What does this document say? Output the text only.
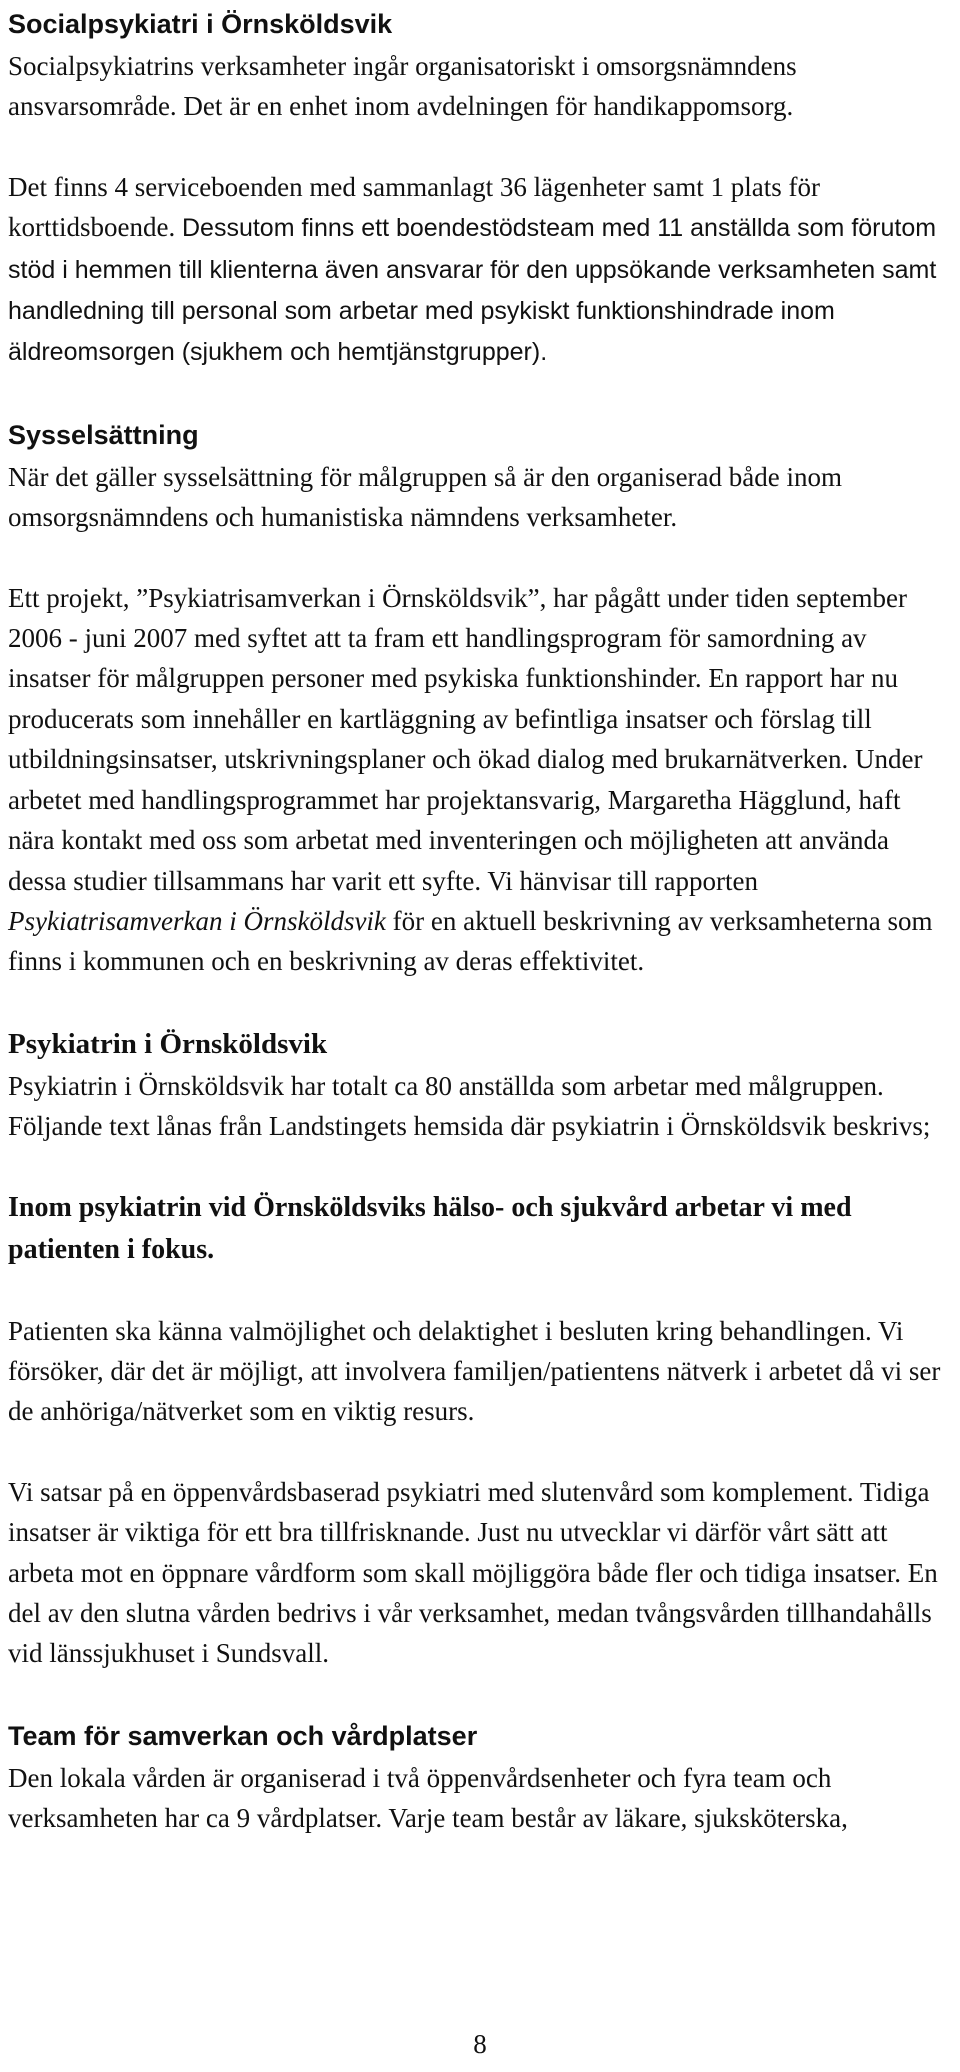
Socialpsykiatri i Örnsköldsvik

Socialpsykiatrins verksamheter ingår organisatoriskt i omsorgsnämndens ansvarsområde. Det är en enhet inom avdelningen för handikappomsorg.

Det finns 4 serviceboenden med sammanlagt 36 lägenheter samt 1 plats för korttidsboende. Dessutom finns ett boendestödsteam med 11 anställda som förutom stöd i hemmen till klienterna även ansvarar för den uppsökande verksamheten samt handledning till personal som arbetar med psykiskt funktionshindrade inom äldreomsorgen (sjukhem och hemtjänstgrupper).

Sysselsättning

När det gäller sysselsättning för målgruppen så är den organiserad både inom omsorgsnämndens och humanistiska nämndens verksamheter.

Ett projekt, ”Psykiatrisamverkan i Örnsköldsvik”, har pågått under tiden september 2006 - juni 2007 med syftet att ta fram ett handlingsprogram för samordning av insatser för målgruppen personer med psykiska funktionshinder. En rapport har nu producerats som innehåller en kartläggning av befintliga insatser och förslag till utbildningsinsatser, utskrivningsplaner och ökad dialog med brukarnätverken. Under arbetet med handlingsprogrammet har projektansvarig, Margaretha Hägglund, haft nära kontakt med oss som arbetat med inventeringen och möjligheten att använda dessa studier tillsammans har varit ett syfte. Vi hänvisar till rapporten Psykiatrisamverkan i Örnsköldsvik för en aktuell beskrivning av verksamheterna som finns i kommunen och en beskrivning av deras effektivitet.

Psykiatrin i Örnsköldsvik

Psykiatrin i Örnsköldsvik har totalt ca 80 anställda som arbetar med målgruppen. Följande text lånas från Landstingets hemsida där psykiatrin i Örnsköldsvik beskrivs;

Inom psykiatrin vid Örnsköldsviks hälso- och sjukvård arbetar vi med patienten i fokus.

Patienten ska känna valmöjlighet och delaktighet i besluten kring behandlingen. Vi försöker, där det är möjligt, att involvera familjen/patientens nätverk i arbetet då vi ser de anhöriga/nätverket som en viktig resurs.

Vi satsar på en öppenvårdsbaserad psykiatri med slutenvård som komplement. Tidiga insatser är viktiga för ett bra tillfrisknande. Just nu utvecklar vi därför vårt sätt att arbeta mot en öppnare vårdform som skall möjliggöra både fler och tidiga insatser. En del av den slutna vården bedrivs i vår verksamhet, medan tvångsvården tillhandahålls vid länssjukhuset i Sundsvall.

Team för samverkan och vårdplatser

Den lokala vården är organiserad i två öppenvårdsenheter och fyra team och verksamheten har ca 9 vårdplatser. Varje team består av läkare, sjuksköterska,

8
